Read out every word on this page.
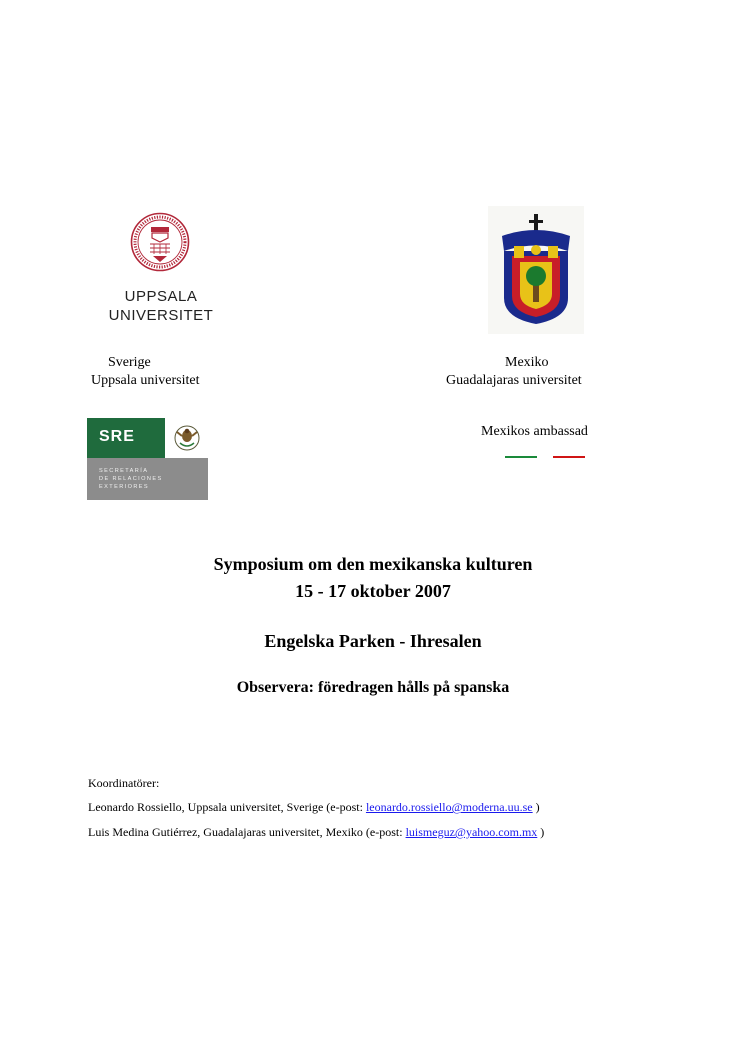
UPPSALA
UNIVERSITET
Sverige
Uppsala universitet
Mexiko
Guadalajaras universitet
SRE
SECRETARÍA
DE RELACIONES
EXTERIORES
Mexikos ambassad
Symposium om den mexikanska kulturen
15 - 17 oktober 2007
Engelska Parken - Ihresalen
Observera: föredragen hålls på spanska
Koordinatörer:
Leonardo Rossiello, Uppsala universitet, Sverige (e-post: leonardo.rossiello@moderna.uu.se )
Luis Medina Gutiérrez, Guadalajaras universitet, Mexiko (e-post: luismeguz@yahoo.com.mx )
